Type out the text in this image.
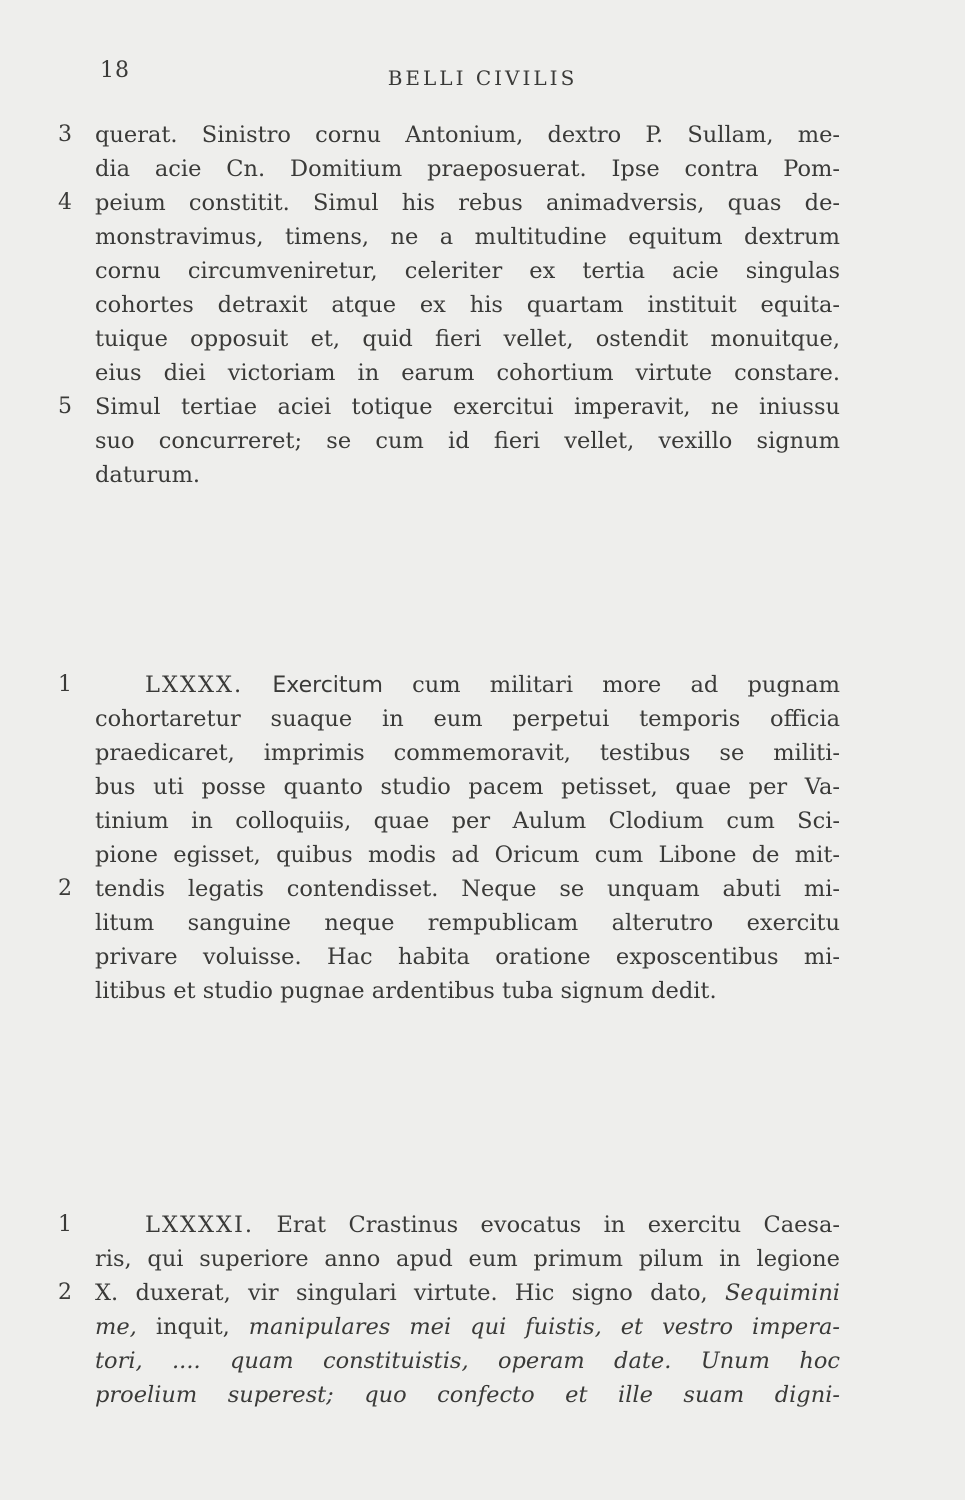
18	BELLI CIVILIS
3
4
5
querat. Sinistro cornu Antonium, dextro P. Sullam, me-
dia acie Cn. Domitium praeposuerat. Ipse contra Pom-
peium constitit. Simul his rebus animadversis, quas de-
monstravimus, timens, ne a multitudine equitum dextrum
cornu circumveniretur, celeriter ex tertia acie singulas
cohortes detraxit atque ex his quartam instituit equita-
tuique opposuit et, quid fieri vellet, ostendit monuitque,
eius diei victoriam in earum cohortium virtute constare.
Simul tertiae aciei totique exercitui imperavit, ne iniussu
suo concurreret; se cum id fieri vellet, vexillo signum
daturum.
1
2
LXXXX. Exercitum cum militari more ad pugnam
cohortaretur suaque in eum perpetui temporis officia
praedicaret, imprimis commemoravit, testibus se militi-
bus uti posse quanto studio pacem petisset, quae per Va-
tinium in colloquiis, quae per Aulum Clodium cum Sci-
pione egisset, quibus modis ad Oricum cum Libone de mit-
tendis legatis contendisset. Neque se unquam abuti mi-
litum sanguine neque rempublicam alterutro exercitu
privare voluisse. Hac habita oratione exposcentibus mi-
litibus et studio pugnae ardentibus tuba signum dedit.
1
2
LXXXXI. Erat Crastinus evocatus in exercitu Caesa-
ris, qui superiore anno apud eum primum pilum in legione
X. duxerat, vir singulari virtute. Hic signo dato, Sequimini
me, inquit, manipulares mei qui fuistis, et vestro impera-
tori, .... quam constituistis, operam date. Unum hoc
proelium superest; quo confecto et ille suam digni-
